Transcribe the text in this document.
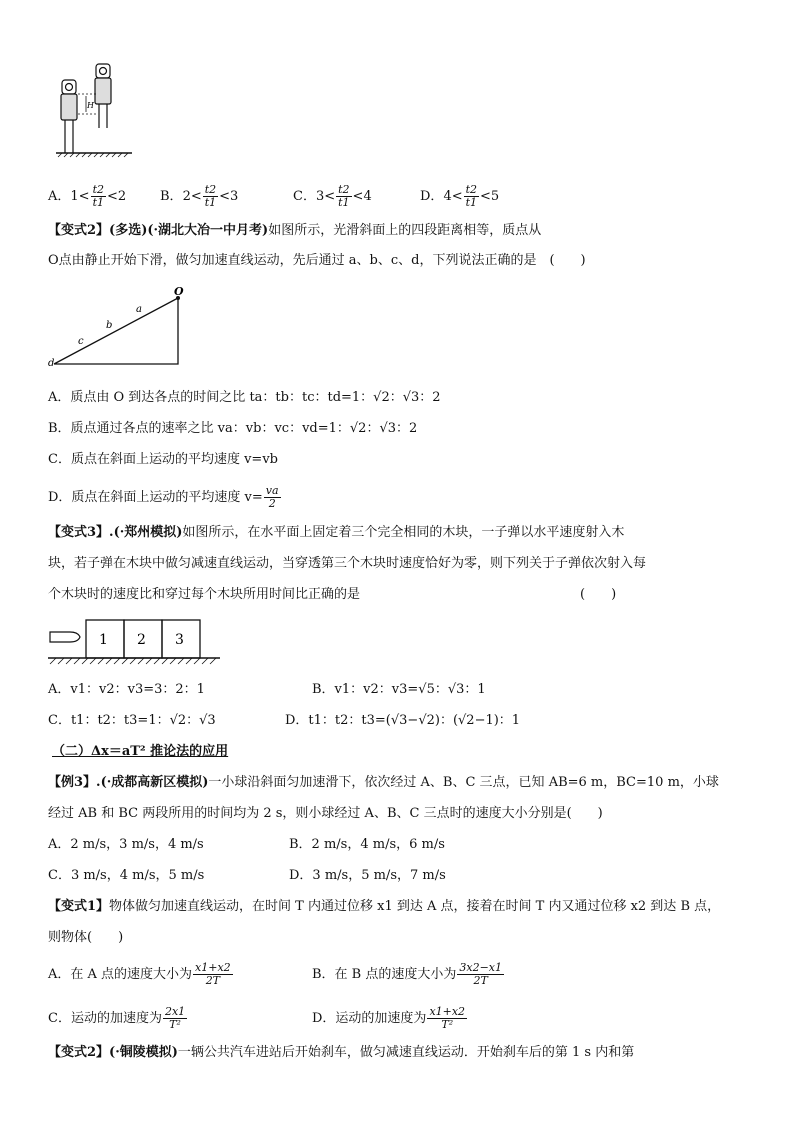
H
A．$1< \frac{t2}{t1} <2$	B．$2< \frac{t2}{t1} <3$	C．$3< \frac{t2}{t1} <4$	D．$4< \frac{t2}{t1} <5$
【变式2】(多选)(·湖北大冶一中月考)如图所示，光滑斜面上的四段距离相等，质点从
O点由静止开始下滑，做匀加速直线运动，先后通过 a、b、c、d，下列说法正确的是　(　　)
O
a
b
c
d
A．质点由 O 到达各点的时间之比 ta：tb：tc：td=1：√2：√3：2
B．质点通过各点的速率之比 va：vb：vc：vd=1：√2：√3：2
C．质点在斜面上运动的平均速度 v=vb
D．质点在斜面上运动的平均速度 $v= \frac{va}{2}$
【变式3】.(·郑州模拟)如图所示，在水平面上固定着三个完全相同的木块，一子弹以水平速度射入木
块，若子弹在木块中做匀减速直线运动，当穿透第三个木块时速度恰好为零，则下列关于子弹依次射入每
个木块时的速度比和穿过每个木块所用时间比正确的是	(　　)
1 2 3
A．v1：v2：v3=3：2：1	B．v1：v2：v3=√5：√3：1
C．t1：t2：t3=1：√2：√3	D．t1：t2：t3=(√3−√2)：(√2−1)：1
（二）Δx＝aT² 推论法的应用
【例3】.(·成都高新区模拟)一小球沿斜面匀加速滑下，依次经过 A、B、C 三点，已知 AB=6 m，BC=10 m，小球
经过 AB 和 BC 两段所用的时间均为 2 s，则小球经过 A、B、C 三点时的速度大小分别是(　　)
A．2 m/s，3 m/s，4 m/s	B．2 m/s，4 m/s，6 m/s
C．3 m/s，4 m/s，5 m/s	D．3 m/s，5 m/s，7 m/s
【变式1】物体做匀加速直线运动，在时间 T 内通过位移 x1 到达 A 点，接着在时间 T 内又通过位移 x2 到达 B 点，
则物体(　　)
A．在 A 点的速度大小为 $\frac{x1+x2}{2T}$	B．在 B 点的速度大小为 $\frac{3x2-x1}{2T}$
C．运动的加速度为 $\frac{2x1}{\text{T²}}$	D．运动的加速度为 $\frac{x1+x2}{\text{T²}}$
【变式2】(·铜陵模拟)一辆公共汽车进站后开始刹车，做匀减速直线运动．开始刹车后的第 1 s 内和第
